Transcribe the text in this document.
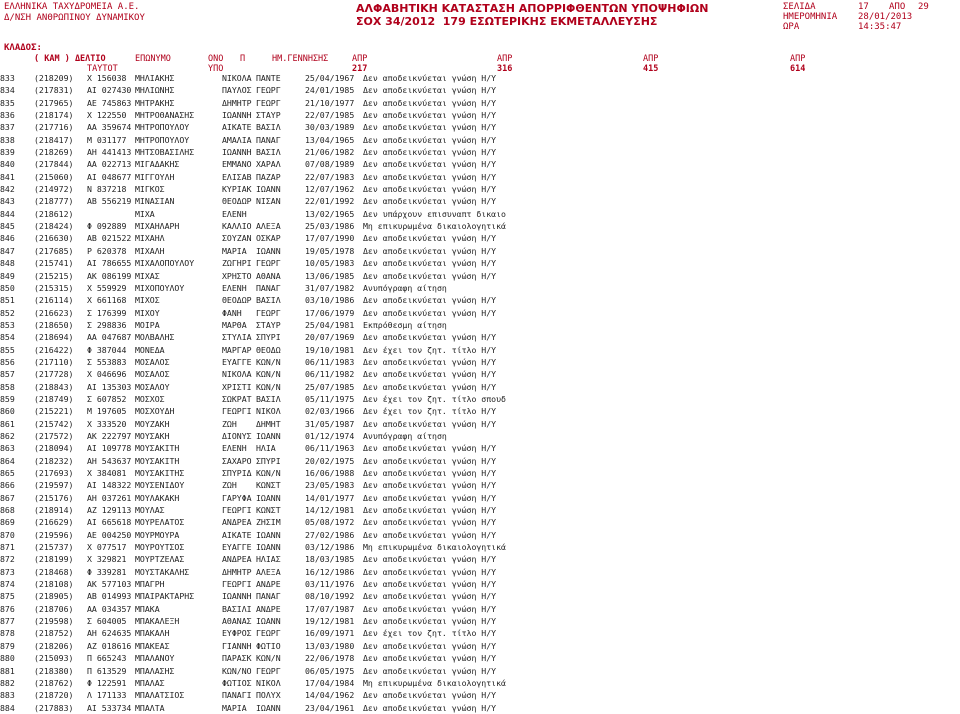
ΕΛΛΗΝΙΚΑ ΤΑΧΥΔΡΟΜΕΙΑ Α.Ε.
Δ/ΝΣΗ ΑΝΘΡΩΠΙΝΟΥ ΔΥΝΑΜΙΚΟΥ
ΑΛΦΑΒΗΤΙΚΗ ΚΑΤΑΣΤΑΣΗ ΑΠΟΡΡΙΦΘΕΝΤΩΝ ΥΠΟΨΗΦΙΩΝ
ΣΟΧ 34/2012  179 ΕΣΩΤΕΡΙΚΗΣ ΕΚΜΕΤΑΛΛΕΥΣΗΣ
ΣΕΛΙΔΑ	17 ΑΠΟ 29
ΗΜΕΡΟΜΗΝΙΑ 28/01/2013
ΩΡΑ	14:35:47
ΚΛΑΔΟΣ:
( ΚΑΜ ) ΔΕΛΤΙΟ
ΤΑΥΤΟΤ
ΕΠΩΝΥΜΟ	ΟΝΟ
ΥΠΟ
Π	ΗΜ.ΓΕΝΝΗΣΗΣ	ΑΠΡ
217
ΑΠΡ
316
ΑΠΡ
415
ΑΠΡ
614
833 (218209) Χ 156038 ΜΗΛΙΑΚΗΣ	ΝΙΚΟΛΑ ΠΑΝΤΕ	25/04/1967 Δεν αποδεικνύεται γνώση Η/Υ
834 (217831) ΑΙ 027430 ΜΗΛΙΩΝΗΣ	ΠΑΥΛΟΣ ΓΕΩΡΓ	24/01/1985 Δεν αποδεικνύεται γνώση Η/Υ
835 (217965) ΑΕ 745863 ΜΗΤΡΑΚΗΣ	ΔΗΜΗΤΡ ΓΕΩΡΓ	21/10/1977 Δεν αποδεικνύεται γνώση Η/Υ
836 (218174) Χ 122550 ΜΗΤΡΟΘΑΝΑΣΗΣ	ΙΩΑΝΝΗ ΣΤΑΥΡ	22/07/1985 Δεν αποδεικνύεται γνώση Η/Υ
837 (217716) ΑΑ 359674 ΜΗΤΡΟΠΟΥΛΟΥ	ΑΙΚΑΤΕ ΒΑΣΙΛ	30/03/1989 Δεν αποδεικνύεται γνώση Η/Υ
838 (218417) Μ 031177 ΜΗΤΡΟΠΟΥΛΟΥ	ΑΜΑΛΙΑ ΠΑΝΑΓ	13/04/1965 Δεν αποδεικνύεται γνώση Η/Υ
839 (218269) ΑΗ 441413 ΜΗΤΣΟΒΑΣΙΛΗΣ	ΙΩΑΝΝΗ ΒΑΣΙΛ	21/06/1982 Δεν αποδεικνύεται γνώση Η/Υ
840 (217844) ΑΑ 022713 ΜΙΓΑΔΑΚΗΣ	ΕΜΜΑΝΟ ΧΑΡΑΛ	07/08/1989 Δεν αποδεικνύεται γνώση Η/Υ
841 (215060) ΑΙ 048677 ΜΙΓΓΟΥΛΗ	ΕΛΙΣΑΒ ΠΑΖΑΡ	22/07/1983 Δεν αποδεικνύεται γνώση Η/Υ
842 (214972) Ν 837218 ΜΙΓΚΟΣ	ΚΥΡΙΑΚ ΙΩΑΝΝ	12/07/1962 Δεν αποδεικνύεται γνώση Η/Υ
843 (218777) ΑΒ 556219 ΜΙΝΑΣΙΑΝ	ΘΕΟΔΩΡ ΝΙΣΑΝ	22/01/1992 Δεν αποδεικνύεται γνώση Η/Υ
844 (218612)	ΜΙΧΑ	ΕΛΕΝΗ	13/02/1965 Δεν υπάρχουν επισυναπτ δικαιο
845 (218424) Φ 092889 ΜΙΧΑΗΛΑΡΗ	ΚΑΛΛΙΟ ΑΛΕΞΑ	25/03/1986 Μη επικυρωμένα δικαιολογητικά
846 (216630) ΑΒ 021522 ΜΙΧΑΗΛ	ΣΟΥΖΑΝ ΟΣΚΑΡ	17/07/1990 Δεν αποδεικνύεται γνώση Η/Υ
847 (217685) Ρ 620378 ΜΙΧΑΛΗ	ΜΑΡΙΑ ΙΩΑΝΝ	19/05/1978 Δεν αποδεικνύεται γνώση Η/Υ
848 (215741) ΑΙ 786655 ΜΙΧΑΛΟΠΟΥΛΟΥ	ΖΩΓΗΡΙ ΓΕΩΡΓ	10/05/1983 Δεν αποδεικνύεται γνώση Η/Υ
849 (215215) ΑΚ 086199 ΜΙΧΑΣ	ΧΡΗΣΤΟ ΑΘΑΝΑ	13/06/1985 Δεν αποδεικνύεται γνώση Η/Υ
850 (215315) Χ 559929 ΜΙΧΟΠΟΥΛΟΥ	ΕΛΕΝΗ ΠΑΝΑΓ	31/07/1982 Ανυπόγραφη αίτηση
851 (216114) Χ 661168 ΜΙΧΟΣ	ΘΕΟΔΩΡ ΒΑΣΙΛ	03/10/1986 Δεν αποδεικνύεται γνώση Η/Υ
852 (216623) Σ 176399 ΜΙΧΟΥ	ΦΑΝΗ ΓΕΩΡΓ	17/06/1979 Δεν αποδεικνύεται γνώση Η/Υ
853 (218650) Σ 298836 ΜΟΙΡΑ	ΜΑΡΘΑ ΣΤΑΥΡ	25/04/1981 Εκπρόθεσμη αίτηση
854 (218694) ΑΑ 047687 ΜΟΛΒΑΛΗΣ	ΣΤΥΛΙΑ ΣΠΥΡΙ	20/07/1969 Δεν αποδεικνύεται γνώση Η/Υ
855 (216422) Φ 387044 ΜΟΝΕΔΑ	ΜΑΡΓΑΡ ΘΕΟΔΩ	19/10/1981 Δεν έχει τον ζητ. τίτλο Η/Υ
856 (217110) Σ 553883 ΜΟΣΑΛΟΣ	ΕΥΑΓΓΕ ΚΩΝ/Ν	06/11/1983 Δεν αποδεικνύεται γνώση Η/Υ
857 (217728) Χ 046696 ΜΟΣΑΛΟΣ	ΝΙΚΟΛΑ ΚΩΝ/Ν	06/11/1982 Δεν αποδεικνύεται γνώση Η/Υ
858 (218843) ΑΙ 135303 ΜΟΣΑΛΟΥ	ΧΡΙΣΤΙ ΚΩΝ/Ν	25/07/1985 Δεν αποδεικνύεται γνώση Η/Υ
859 (218749) Σ 607852 ΜΟΣΧΟΣ	ΣΩΚΡΑΤ ΒΑΣΙΛ	05/11/1975 Δεν έχει τον ζητ. τίτλο σπουδ
860 (215221) Μ 197605 ΜΟΣΧΟΥΔΗ	ΓΕΩΡΓΙ ΝΙΚΟΛ	02/03/1966 Δεν έχει τον ζητ. τίτλο Η/Υ
861 (215742) Χ 333520 ΜΟΥΖΑΚΗ	ΖΩΗ ΔΗΜΗΤ	31/05/1987 Δεν αποδεικνύεται γνώση Η/Υ
862 (217572) ΑΚ 222797 ΜΟΥΣΑΚΗ	ΔΙΟΝΥΣ ΙΩΑΝΝ	01/12/1974 Ανυπόγραφη αίτηση
863 (218094) ΑΙ 109778 ΜΟΥΣΑΚΙΤΗ	ΕΛΕΝΗ ΗΛΙΑ	06/11/1963 Δεν αποδεικνύεται γνώση Η/Υ
864 (218232) ΑΗ 543637 ΜΟΥΣΑΚΙΤΗ	ΣΑΧΑΡΟ ΣΠΥΡΙ	20/02/1975 Δεν αποδεικνύεται γνώση Η/Υ
865 (217693) Χ 384081 ΜΟΥΣΑΚΙΤΗΣ	ΣΠΥΡΙΔ ΚΩΝ/Ν	16/06/1988 Δεν αποδεικνύεται γνώση Η/Υ
866 (219597) ΑΙ 148322 ΜΟΥΣΕΝΙΔΟΥ	ΖΩΗ ΚΩΝΣΤ	23/05/1983 Δεν αποδεικνύεται γνώση Η/Υ
867 (215176) ΑΗ 037261 ΜΟΥΛΑΚΑΚΗ	ΓΑΡΥΦΑ ΙΩΑΝΝ	14/01/1977 Δεν αποδεικνύεται γνώση Η/Υ
868 (218914) ΑΖ 129113 ΜΟΥΛΑΣ	ΓΕΩΡΓΙ ΚΩΝΣΤ	14/12/1981 Δεν αποδεικνύεται γνώση Η/Υ
869 (216629) ΑΙ 665618 ΜΟΥΡΕΛΑΤΟΣ	ΑΝΔΡΕΑ ΖΗΣΙΜ	05/08/1972 Δεν αποδεικνύεται γνώση Η/Υ
870 (219596) ΑΕ 004250 ΜΟΥΡΜΟΥΡΑ	ΑΙΚΑΤΕ ΙΩΑΝΝ	27/02/1986 Δεν αποδεικνύεται γνώση Η/Υ
871 (215737) Χ 077517 ΜΟΥΡΟΥΤΣΟΣ	ΕΥΑΓΓΕ ΙΩΑΝΝ	03/12/1986 Μη επικυρωμένα δικαιολογητικά
872 (218199) Χ 329821 ΜΟΥΡΤΖΕΛΑΣ	ΑΝΔΡΕΑ ΗΛΙΑΣ	18/03/1985 Δεν αποδεικνύεται γνώση Η/Υ
873 (218468) Φ 339281 ΜΟΥΣΤΑΚΑΛΗΣ	ΔΗΜΗΤΡ ΑΛΕΞΑ	16/12/1986 Δεν αποδεικνύεται γνώση Η/Υ
874 (218108) ΑΚ 577103 ΜΠΑΓΡΗ	ΓΕΩΡΓΙ ΑΝΔΡΕ	03/11/1976 Δεν αποδεικνύεται γνώση Η/Υ
875 (218905) ΑΒ 014993 ΜΠΑΙΡΑΚΤΑΡΗΣ	ΙΩΑΝΝΗ ΠΑΝΑΓ	08/10/1992 Δεν αποδεικνύεται γνώση Η/Υ
876 (218706) ΑΑ 034357 ΜΠΑΚΑ	ΒΑΣΙΛΙ ΑΝΔΡΕ	17/07/1987 Δεν αποδεικνύεται γνώση Η/Υ
877 (219598) Σ 604005 ΜΠΑΚΑΛΕΞΗ	ΑΘΑΝΑΣ ΙΩΑΝΝ	19/12/1981 Δεν αποδεικνύεται γνώση Η/Υ
878 (218752) ΑΗ 624635 ΜΠΑΚΑΛΗ	ΕΥΦΡΟΣ ΓΕΩΡΓ	16/09/1971 Δεν έχει τον ζητ. τίτλο Η/Υ
879 (218206) ΑΖ 018616 ΜΠΑΚΕΑΣ	ΓΙΑΝΝΗ ΦΩΤΙΟ	13/03/1980 Δεν αποδεικνύεται γνώση Η/Υ
880 (215093) Π 665243 ΜΠΑΛΑΝΟΥ	ΠΑΡΑΣΚ ΚΩΝ/Ν	22/06/1978 Δεν αποδεικνύεται γνώση Η/Υ
881 (218380) Π 613529 ΜΠΑΛΑΣΗΣ	ΚΩΝ/ΝΟ ΓΕΩΡΓ	06/05/1975 Δεν αποδεικνύεται γνώση Η/Υ
882 (218762) Φ 122591 ΜΠΑΛΑΣ	ΦΩΤΙΟΣ ΝΙΚΟΛ	17/04/1984 Μη επικυρωμένα δικαιολογητικά
883 (218720) Λ 171133 ΜΠΑΛΑΤΣΙΟΣ	ΠΑΝΑΓΙ ΠΟΛΥΧ	14/04/1962 Δεν αποδεικνύεται γνώση Η/Υ
884 (217883) ΑΙ 533734 ΜΠΑΛΤΑ	ΜΑΡΙΑ ΙΩΑΝΝ	23/04/1961 Δεν αποδεικνύεται γνώση Η/Υ
